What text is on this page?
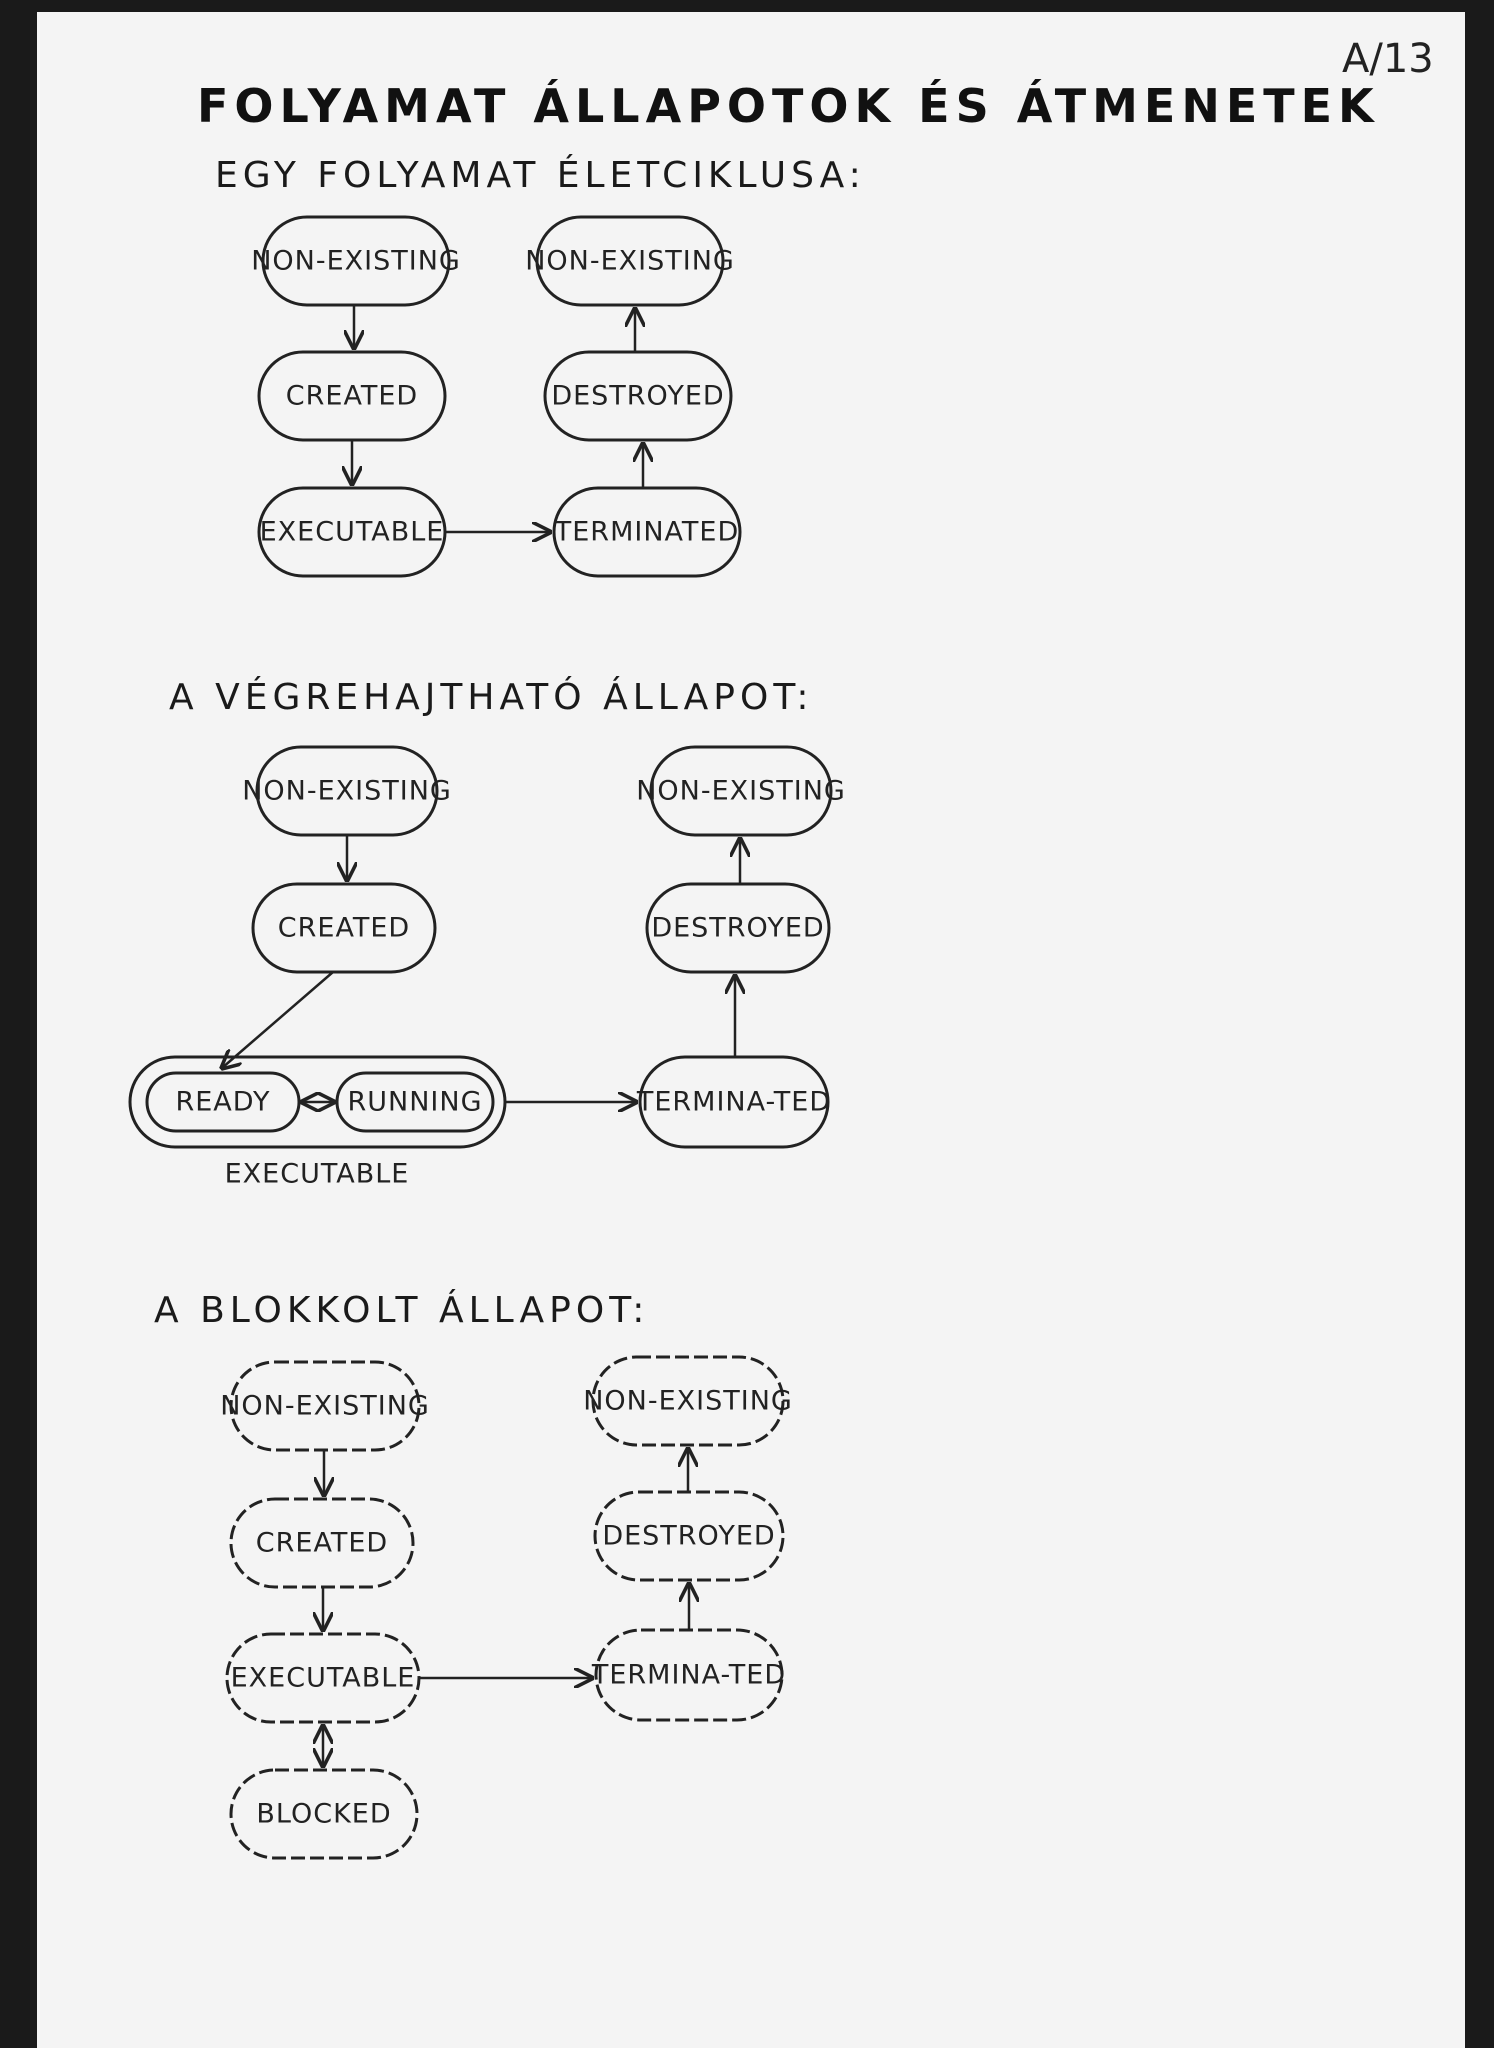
A/13
FOLYAMAT ÁLLAPOTOK ÉS ÁTMENETEK
EGY FOLYAMAT ÉLETCIKLUSA:
NON-EXISTING
CREATED
EXECUTABLE	TERMINATED
DESTROYED
NON-EXISTING
A VÉGREHAJTHATÓ ÁLLAPOT:
NON-EXISTING
CREATED
READY	RUNNING
EXECUTABLE
TERMINA-TED
DESTROYED
NON-EXISTING
A BLOKKOLT ÁLLAPOT:
NON-EXISTING
CREATED
EXECUTABLE
BLOCKED
TERMINA-TED
DESTROYED
NON-EXISTING
